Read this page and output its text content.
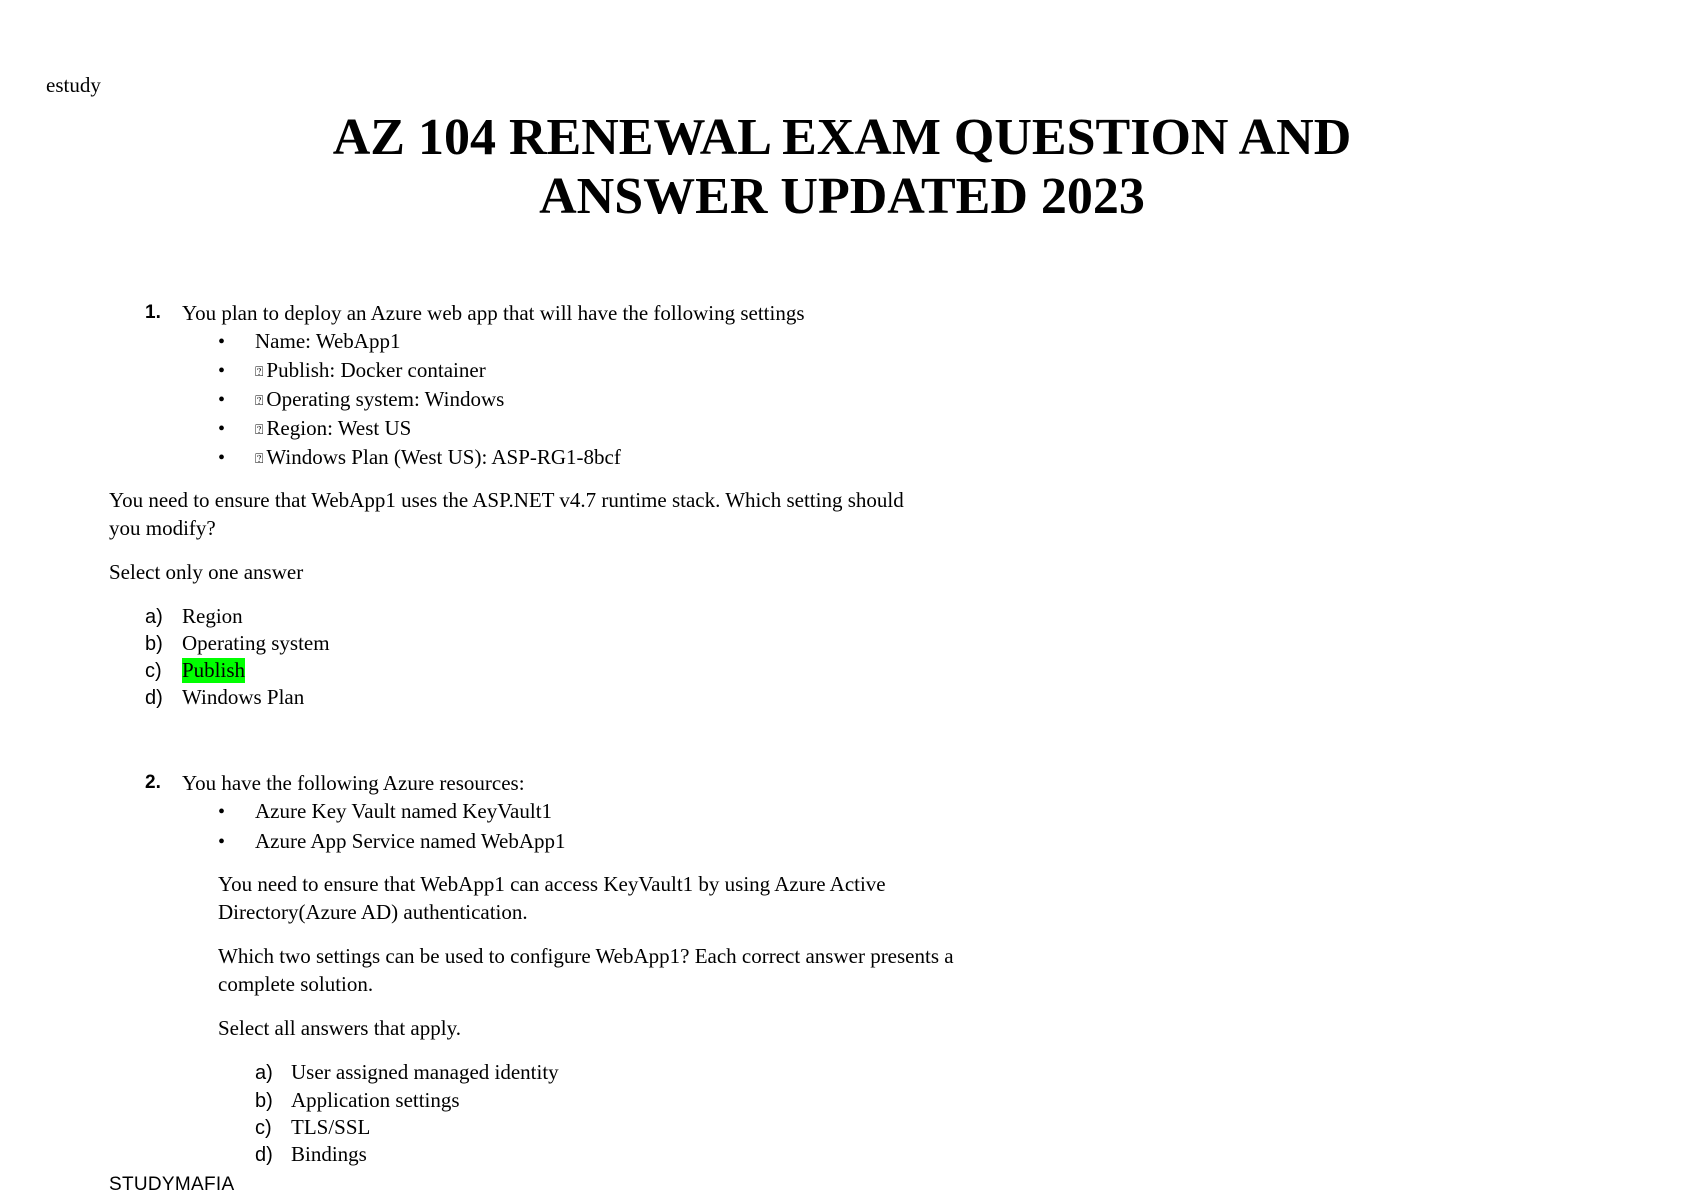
estudy
AZ 104 RENEWAL EXAM QUESTION AND
ANSWER UPDATED 2023
1. You plan to deploy an Azure web app that will have the following settings
• Name: WebApp1
• ⍰ Publish: Docker container
• ⍰ Operating system: Windows
• ⍰ Region: West US
• ⍰ Windows Plan (West US): ASP-RG1-8bcf
You need to ensure that WebApp1 uses the ASP.NET v4.7 runtime stack. Which setting should
you modify?
Select only one answer
a) Region
b) Operating system
c) Publish
d) Windows Plan
2. You have the following Azure resources:
• Azure Key Vault named KeyVault1
• Azure App Service named WebApp1
You need to ensure that WebApp1 can access KeyVault1 by using Azure Active
Directory(Azure AD) authentication.
Which two settings can be used to configure WebApp1? Each correct answer presents a
complete solution.
Select all answers that apply.
a) User assigned managed identity
b) Application settings
c) TLS/SSL
d) Bindings
STUDYMAFIA
